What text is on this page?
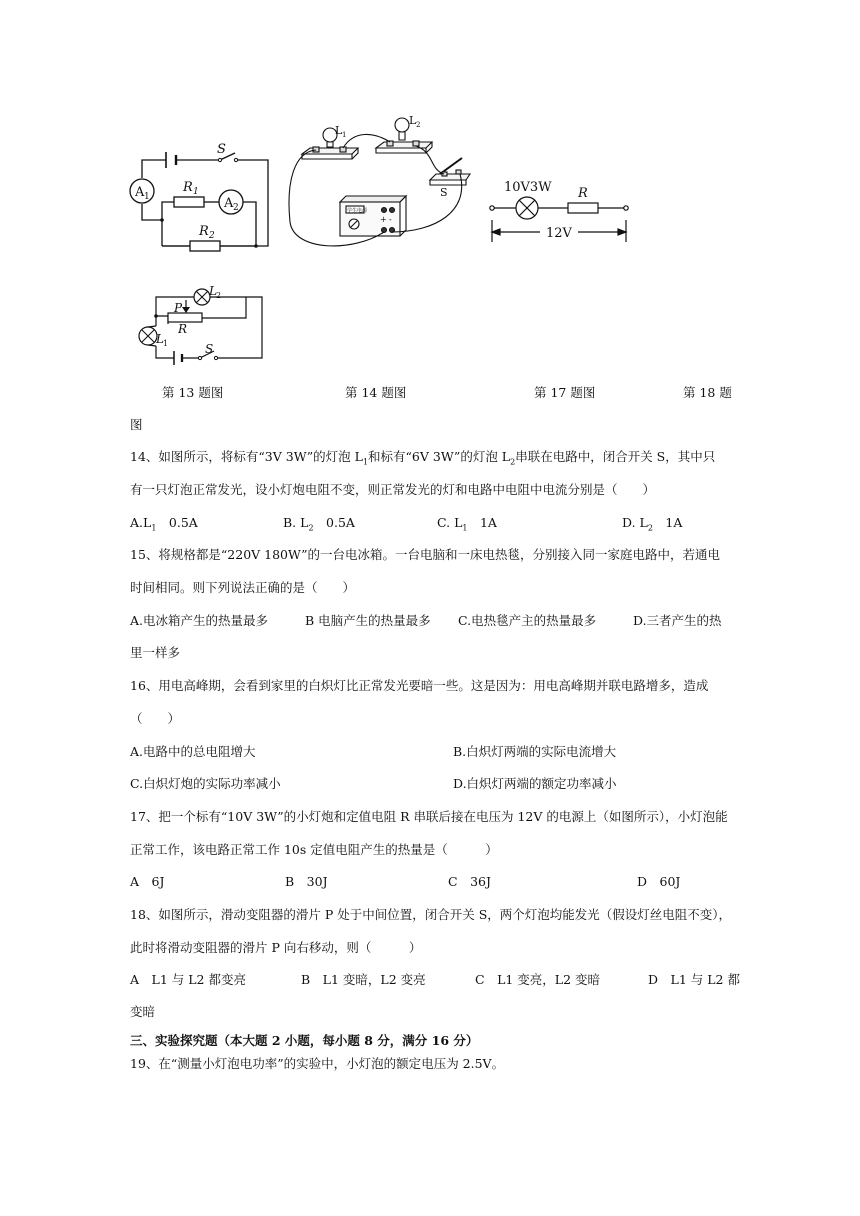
A 1	A 2
R 1
R 2
S
L 1
L 2
S
学生电源
+ -
10V3W R
12V
L 2
P
R
L 1	S
第 13 题图	第 14 题图	第 17 题图	第 18 题
图
14、如图所示，将标有“3V 3W”的灯泡 $L_1$和标有“6V 3W”的灯泡 $L_2$串联在电路中，闭合开关 S，其中只
有一只灯泡正常发光，设小灯炮电阻不变，则正常发光的灯和电路中电阻中电流分别是（　　）
$A.L_1$　0.5A	B. $L_2$　0.5A	C. $L_1$　1A	D. $L_2$　1A
15、将规格都是“220V 180W”的一台电冰箱。一台电脑和一床电热毯，分别接入同一家庭电路中，若通电
时间相同。则下列说法正确的是（　　）
A.电冰箱产生的热量最多	B 电脑产生的热量最多 C.电热毯产主的热量最多	D.三者产生的热
里一样多
16、用电高峰期，会看到家里的白炽灯比正常发光要暗一些。这是因为：用电高峰期并联电路增多，造成
（　　）
A.电路中的总电阻增大	B.白炽灯两端的实际电流增大
C.白炽灯炮的实际功率减小	D.白炽灯两端的额定功率减小
17、把一个标有“10V 3W”的小灯炮和定值电阻 R 串联后接在电压为 12V 的电源上（如图所示），小灯泡能
正常工作，该电路正常工作 10s 定值电阻产生的热量是（　　　）
A　6J	B　30J	C　36J	D　60J
18、如图所示，滑动变阻器的滑片 P 处于中间位置，闭合开关 S，两个灯泡均能发光（假设灯丝电阻不变），
此时将滑动变阻器的滑片 P 向右移动，则（　　　）
A　L1 与 L2 都变亮	B　L1 变暗，L2 变亮	C　L1 变亮，L2 变暗	D　L1 与 L2 都
变暗
三、实验探究题（本大题 2 小题，每小题 8 分，满分 16 分）
19、在“测量小灯泡电功率”的实验中，小灯泡的额定电压为 2.5V。
